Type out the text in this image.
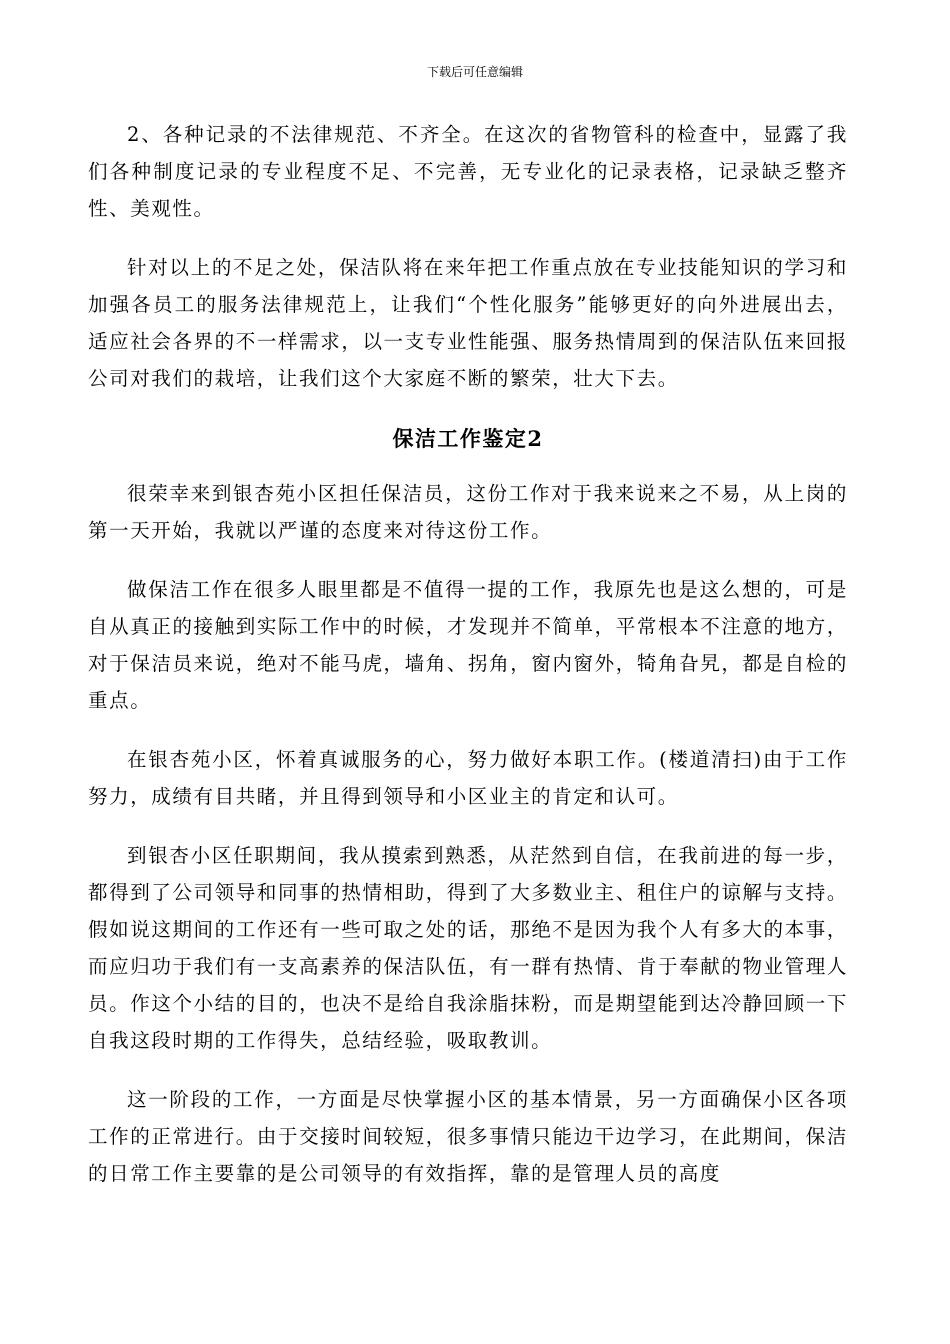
下载后可任意编辑

2、各种记录的不法律规范、不齐全。在这次的省物管科的检查中，显露了我们各种制度记录的专业程度不足、不完善，无专业化的记录表格，记录缺乏整齐性、美观性。

针对以上的不足之处，保洁队将在来年把工作重点放在专业技能知识的学习和加强各员工的服务法律规范上，让我们“个性化服务”能够更好的向外进展出去，适应社会各界的不一样需求，以一支专业性能强、服务热情周到的保洁队伍来回报公司对我们的栽培，让我们这个大家庭不断的繁荣，壮大下去。

保洁工作鉴定2

很荣幸来到银杏苑小区担任保洁员，这份工作对于我来说来之不易，从上岗的第一天开始，我就以严谨的态度来对待这份工作。

做保洁工作在很多人眼里都是不值得一提的工作，我原先也是这么想的，可是自从真正的接触到实际工作中的时候，才发现并不简单，平常根本不注意的地方，对于保洁员来说，绝对不能马虎，墙角、拐角，窗内窗外，犄角旮旯，都是自检的重点。

在银杏苑小区，怀着真诚服务的心，努力做好本职工作。(楼道清扫)由于工作努力，成绩有目共睹，并且得到领导和小区业主的肯定和认可。

到银杏小区任职期间，我从摸索到熟悉，从茫然到自信，在我前进的每一步，都得到了公司领导和同事的热情相助，得到了大多数业主、租住户的谅解与支持。假如说这期间的工作还有一些可取之处的话，那绝不是因为我个人有多大的本事，而应归功于我们有一支高素养的保洁队伍，有一群有热情、肯于奉献的物业管理人员。作这个小结的目的，也决不是给自我涂脂抹粉，而是期望能到达冷静回顾一下自我这段时期的工作得失，总结经验，吸取教训。

这一阶段的工作，一方面是尽快掌握小区的基本情景，另一方面确保小区各项工作的正常进行。由于交接时间较短，很多事情只能边干边学习，在此期间，保洁的日常工作主要靠的是公司领导的有效指挥，靠的是管理人员的高度
